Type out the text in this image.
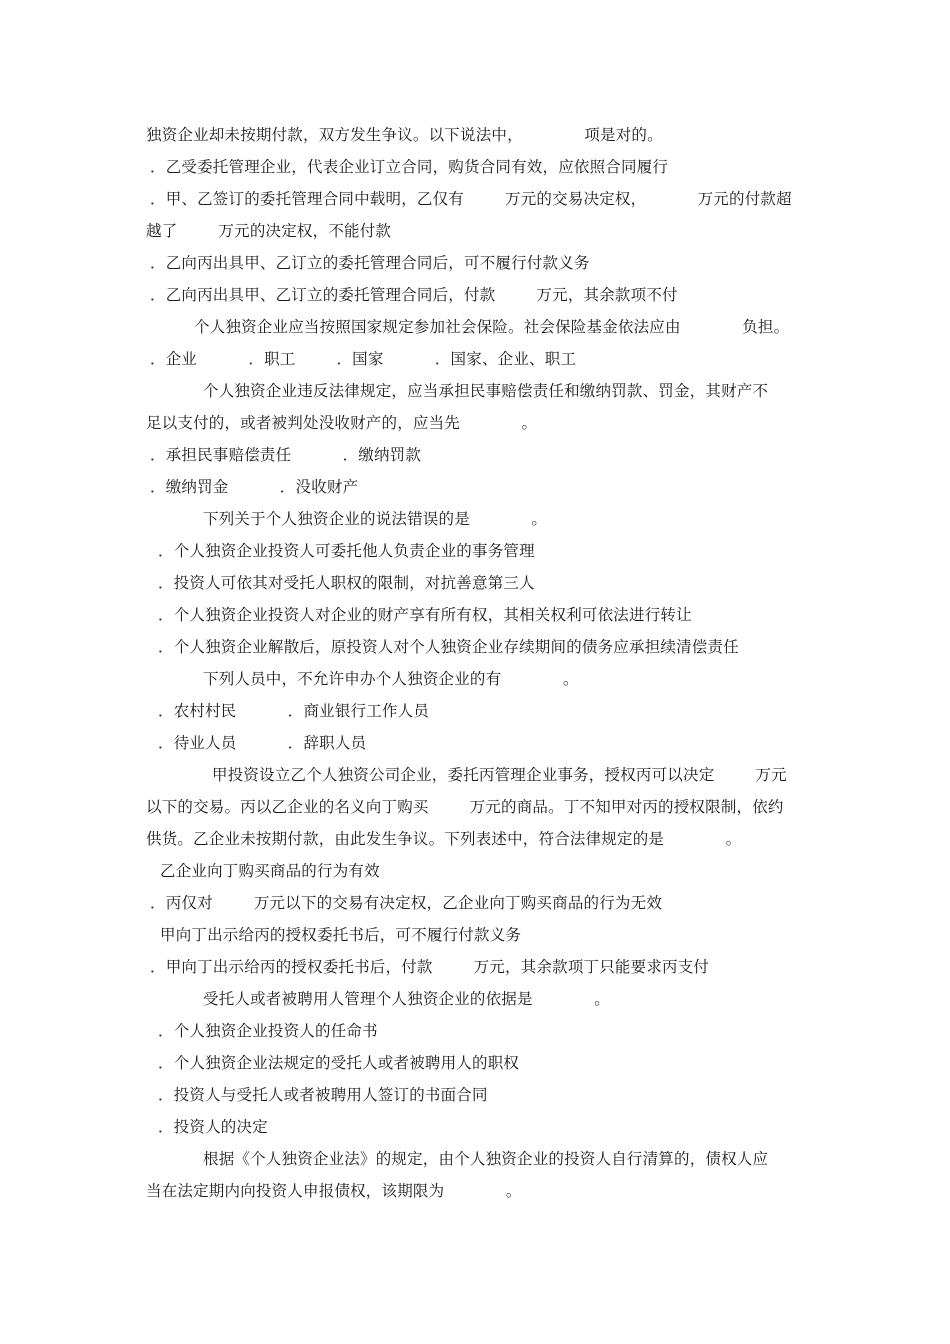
独资企业却未按期付款，双方发生争议。以下说法中，            项是对的。

．乙受委托管理企业，代表企业订立合同，购货合同有效，应依照合同履行

．甲、乙签订的委托管理合同中载明，乙仅有        万元的交易决定权，          万元的付款超

越了        万元的决定权，不能付款

．乙向丙出具甲、乙订立的委托管理合同后，可不履行付款义务

．乙向丙出具甲、乙订立的委托管理合同后，付款        万元，其余款项不付

个人独资企业应当按照国家规定参加社会保险。社会保险基金依法应由            负担。

．企业          ．职工        ．国家          ．国家、企业、职工

个人独资企业违反法律规定，应当承担民事赔偿责任和缴纳罚款、罚金，其财产不

足以支付的，或者被判处没收财产的，应当先            。

．承担民事赔偿责任          ．缴纳罚款

．缴纳罚金          ．没收财产

下列关于个人独资企业的说法错误的是            。

．个人独资企业投资人可委托他人负责企业的事务管理

．投资人可依其对受托人职权的限制，对抗善意第三人

．个人独资企业投资人对企业的财产享有所有权，其相关权利可依法进行转让

．个人独资企业解散后，原投资人对个人独资企业存续期间的债务应承担续清偿责任

下列人员中，不允许申办个人独资企业的有            。

．农村村民          ．商业银行工作人员

．待业人员          ．辞职人员

甲投资设立乙个人独资公司企业，委托丙管理企业事务，授权丙可以决定        万元

以下的交易。丙以乙企业的名义向丁购买        万元的商品。丁不知甲对丙的授权限制，依约

供货。乙企业未按期付款，由此发生争议。下列表述中，符合法律规定的是            。

乙企业向丁购买商品的行为有效

．丙仅对        万元以下的交易有决定权，乙企业向丁购买商品的行为无效

甲向丁出示给丙的授权委托书后，可不履行付款义务

．甲向丁出示给丙的授权委托书后，付款        万元，其余款项丁只能要求丙支付

受托人或者被聘用人管理个人独资企业的依据是            。

．个人独资企业投资人的任命书

．个人独资企业法规定的受托人或者被聘用人的职权

．投资人与受托人或者被聘用人签订的书面合同

．投资人的决定

根据《个人独资企业法》的规定，由个人独资企业的投资人自行清算的，债权人应

当在法定期内向投资人申报债权，该期限为            。
